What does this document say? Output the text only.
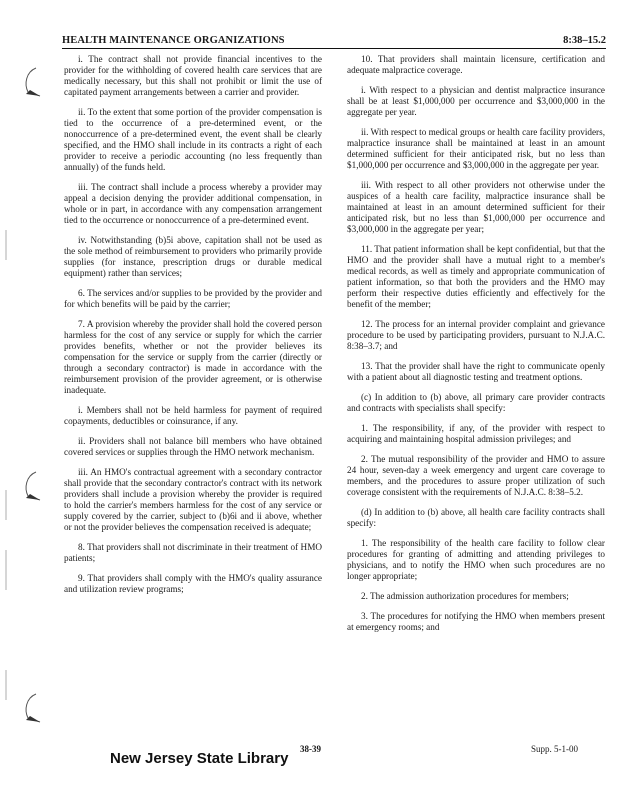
HEALTH MAINTENANCE ORGANIZATIONS	8:38–15.2

i. The contract shall not provide financial incentives to the provider for the withholding of covered health care services that are medically necessary, but this shall not prohibit or limit the use of capitated payment arrangements between a carrier and provider.

ii. To the extent that some portion of the provider compensation is tied to the occurrence of a pre-determined event, or the nonoccurrence of a pre-determined event, the event shall be clearly specified, and the HMO shall include in its contracts a right of each provider to receive a periodic accounting (no less frequently than annually) of the funds held.

iii. The contract shall include a process whereby a provider may appeal a decision denying the provider additional compensation, in whole or in part, in accordance with any compensation arrangement tied to the occurrence or nonoccurrence of a pre-determined event.

iv. Notwithstanding (b)5i above, capitation shall not be used as the sole method of reimbursement to providers who primarily provide supplies (for instance, prescription drugs or durable medical equipment) rather than services;

6. The services and/or supplies to be provided by the provider and for which benefits will be paid by the carrier;

7. A provision whereby the provider shall hold the covered person harmless for the cost of any service or supply for which the carrier provides benefits, whether or not the provider believes its compensation for the service or supply from the carrier (directly or through a secondary contractor) is made in accordance with the reimbursement provision of the provider agreement, or is otherwise inadequate.

i. Members shall not be held harmless for payment of required copayments, deductibles or coinsurance, if any.

ii. Providers shall not balance bill members who have obtained covered services or supplies through the HMO network mechanism.

iii. An HMO's contractual agreement with a secondary contractor shall provide that the secondary contractor's contract with its network providers shall include a provision whereby the provider is required to hold the carrier's members harmless for the cost of any service or supply covered by the carrier, subject to (b)6i and ii above, whether or not the provider believes the compensation received is adequate;

8. That providers shall not discriminate in their treatment of HMO patients;

9. That providers shall comply with the HMO's quality assurance and utilization review programs;

10. That providers shall maintain licensure, certification and adequate malpractice coverage.

i. With respect to a physician and dentist malpractice insurance shall be at least $1,000,000 per occurrence and $3,000,000 in the aggregate per year.

ii. With respect to medical groups or health care facility providers, malpractice insurance shall be maintained at least in an amount determined sufficient for their anticipated risk, but no less than $1,000,000 per occurrence and $3,000,000 in the aggregate per year.

iii. With respect to all other providers not otherwise under the auspices of a health care facility, malpractice insurance shall be maintained at least in an amount determined sufficient for their anticipated risk, but no less than $1,000,000 per occurrence and $3,000,000 in the aggregate per year;

11. That patient information shall be kept confidential, but that the HMO and the provider shall have a mutual right to a member's medical records, as well as timely and appropriate communication of patient information, so that both the providers and the HMO may perform their respective duties efficiently and effectively for the benefit of the member;

12. The process for an internal provider complaint and grievance procedure to be used by participating providers, pursuant to N.J.A.C. 8:38–3.7; and

13. That the provider shall have the right to communicate openly with a patient about all diagnostic testing and treatment options.

(c) In addition to (b) above, all primary care provider contracts and contracts with specialists shall specify:

1. The responsibility, if any, of the provider with respect to acquiring and maintaining hospital admission privileges; and

2. The mutual responsibility of the provider and HMO to assure 24 hour, seven-day a week emergency and urgent care coverage to members, and the procedures to assure proper utilization of such coverage consistent with the requirements of N.J.A.C. 8:38–5.2.

(d) In addition to (b) above, all health care facility contracts shall specify:

1. The responsibility of the health care facility to follow clear procedures for granting of admitting and attending privileges to physicians, and to notify the HMO when such procedures are no longer appropriate;

2. The admission authorization procedures for members;

3. The procedures for notifying the HMO when members present at emergency rooms; and

New Jersey State Library
38-39	Supp. 5-1-00
